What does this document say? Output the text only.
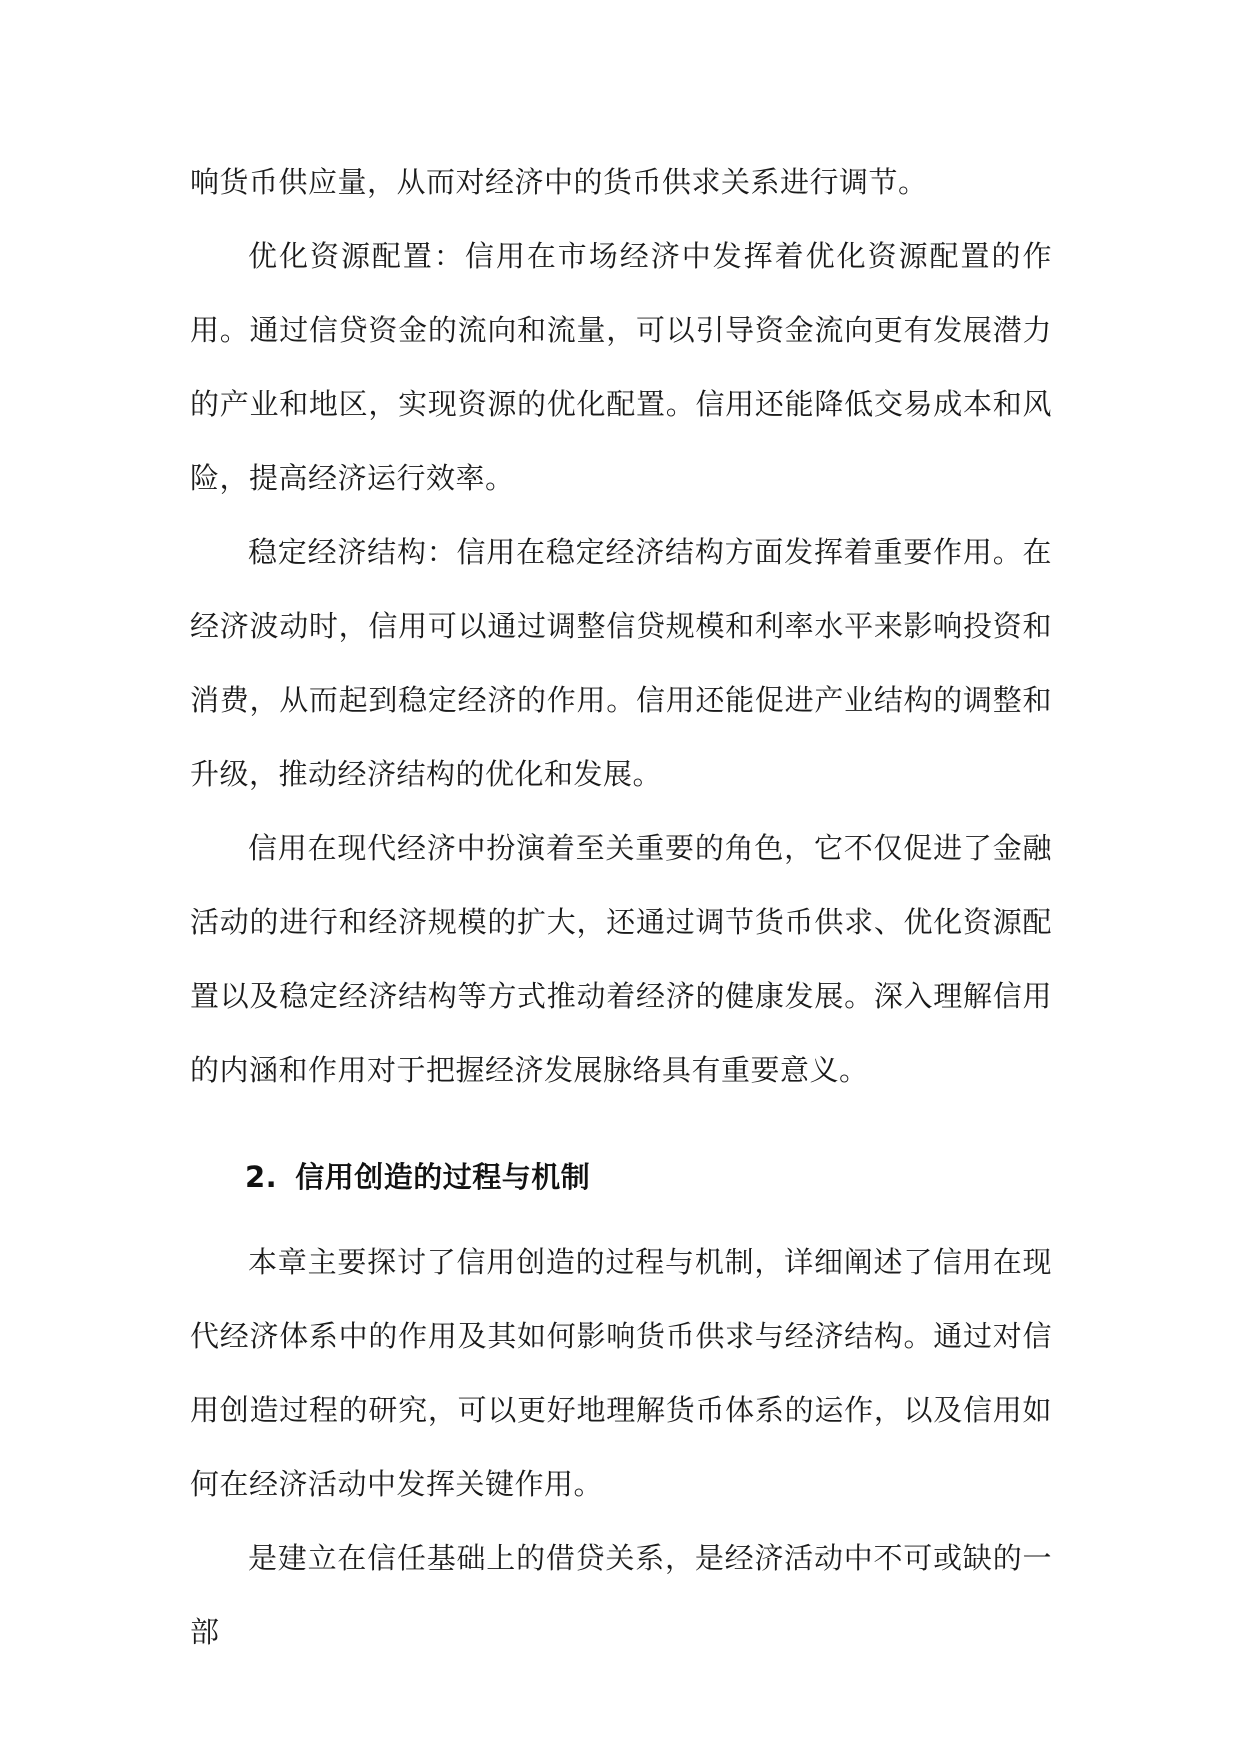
响货币供应量，从而对经济中的货币供求关系进行调节。

优化资源配置：信用在市场经济中发挥着优化资源配置的作用。通过信贷资金的流向和流量，可以引导资金流向更有发展潜力的产业和地区，实现资源的优化配置。信用还能降低交易成本和风险，提高经济运行效率。

稳定经济结构：信用在稳定经济结构方面发挥着重要作用。在经济波动时，信用可以通过调整信贷规模和利率水平来影响投资和消费，从而起到稳定经济的作用。信用还能促进产业结构的调整和升级，推动经济结构的优化和发展。

信用在现代经济中扮演着至关重要的角色，它不仅促进了金融活动的进行和经济规模的扩大，还通过调节货币供求、优化资源配置以及稳定经济结构等方式推动着经济的健康发展。深入理解信用的内涵和作用对于把握经济发展脉络具有重要意义。

2. 信用创造的过程与机制

本章主要探讨了信用创造的过程与机制，详细阐述了信用在现代经济体系中的作用及其如何影响货币供求与经济结构。通过对信用创造过程的研究，可以更好地理解货币体系的运作，以及信用如何在经济活动中发挥关键作用。

是建立在信任基础上的借贷关系，是经济活动中不可或缺的一部
